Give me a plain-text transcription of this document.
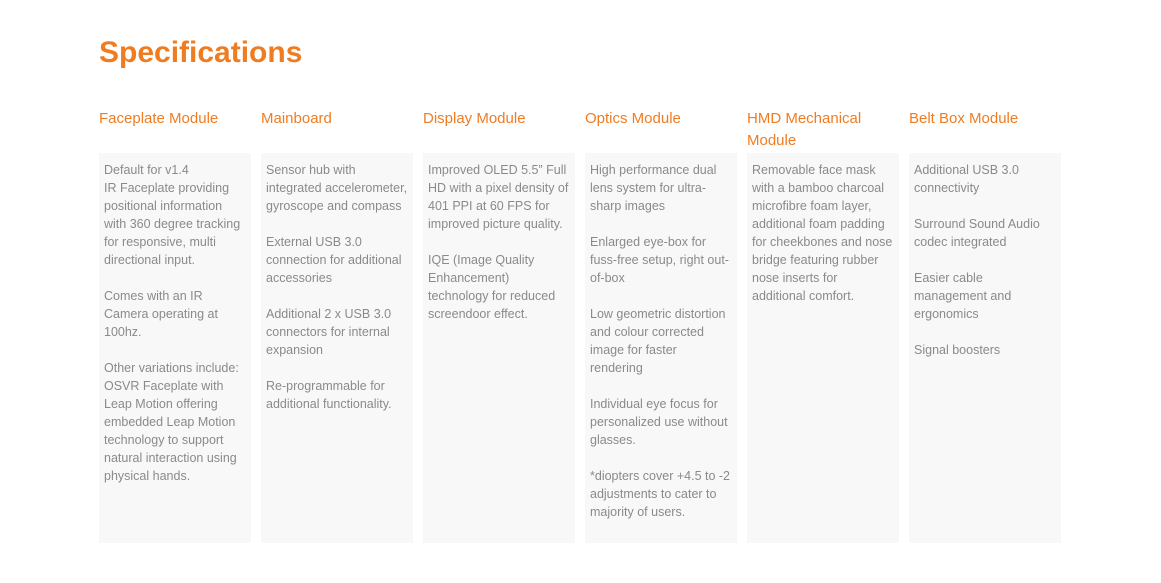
Specifications
Faceplate Module

Default for v1.4
IR Faceplate providing positional information with 360 degree tracking for responsive, multi directional input.

Comes with an IR Camera operating at 100hz.

Other variations include: OSVR Faceplate with Leap Motion offering embedded Leap Motion technology to support natural interaction using physical hands.

Mainboard

Sensor hub with integrated accelerometer, gyroscope and compass

External USB 3.0 connection for additional accessories

Additional 2 x USB 3.0 connectors for internal expansion

Re-programmable for additional functionality.

Display Module

Improved OLED 5.5” Full HD with a pixel density of 401 PPI at 60 FPS for improved picture quality.

IQE (Image Quality Enhancement) technology for reduced screendoor effect.

Optics Module

High performance dual lens system for ultra-sharp images

Enlarged eye-box for fuss-free setup, right out-of-box

Low geometric distortion and colour corrected image for faster rendering

Individual eye focus for personalized use without glasses.

*diopters cover +4.5 to -2 adjustments to cater to majority of users.

HMD Mechanical Module

Removable face mask with a bamboo charcoal microfibre foam layer, additional foam padding for cheekbones and nose bridge featuring rubber nose inserts for additional comfort.

Belt Box Module

Additional USB 3.0 connectivity

Surround Sound Audio codec integrated

Easier cable management and ergonomics

Signal boosters
